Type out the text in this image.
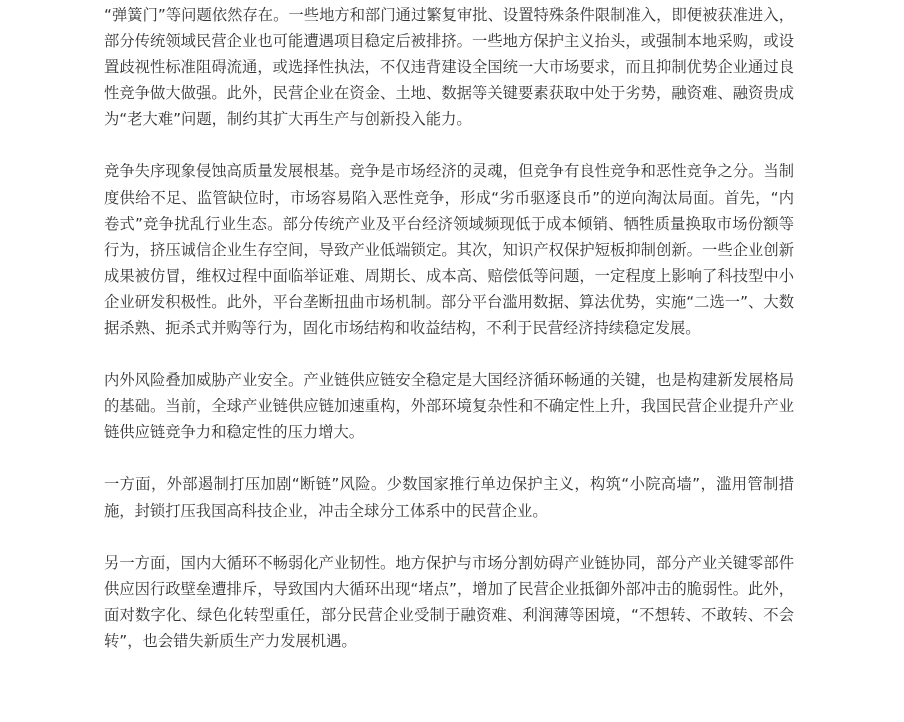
“弹簧门”等问题依然存在。一些地方和部门通过繁复审批、设置特殊条件限制准入，即便被获准进入，部分传统领域民营企业也可能遭遇项目稳定后被排挤。一些地方保护主义抬头，或强制本地采购，或设置歧视性标准阻碍流通，或选择性执法，不仅违背建设全国统一大市场要求，而且抑制优势企业通过良性竞争做大做强。此外，民营企业在资金、土地、数据等关键要素获取中处于劣势，融资难、融资贵成为“老大难”问题，制约其扩大再生产与创新投入能力。

竞争失序现象侵蚀高质量发展根基。竞争是市场经济的灵魂，但竞争有良性竞争和恶性竞争之分。当制度供给不足、监管缺位时，市场容易陷入恶性竞争，形成“劣币驱逐良币”的逆向淘汰局面。首先，“内卷式”竞争扰乱行业生态。部分传统产业及平台经济领域频现低于成本倾销、牺牲质量换取市场份额等行为，挤压诚信企业生存空间，导致产业低端锁定。其次，知识产权保护短板抑制创新。一些企业创新成果被仿冒，维权过程中面临举证难、周期长、成本高、赔偿低等问题，一定程度上影响了科技型中小企业研发积极性。此外，平台垄断扭曲市场机制。部分平台滥用数据、算法优势，实施“二选一”、大数据杀熟、扼杀式并购等行为，固化市场结构和收益结构，不利于民营经济持续稳定发展。

内外风险叠加威胁产业安全。产业链供应链安全稳定是大国经济循环畅通的关键，也是构建新发展格局的基础。当前，全球产业链供应链加速重构，外部环境复杂性和不确定性上升，我国民营企业提升产业链供应链竞争力和稳定性的压力增大。

一方面，外部遏制打压加剧“断链”风险。少数国家推行单边保护主义，构筑“小院高墙”，滥用管制措施，封锁打压我国高科技企业，冲击全球分工体系中的民营企业。

另一方面，国内大循环不畅弱化产业韧性。地方保护与市场分割妨碍产业链协同，部分产业关键零部件供应因行政壁垒遭排斥，导致国内大循环出现“堵点”，增加了民营企业抵御外部冲击的脆弱性。此外，面对数字化、绿色化转型重任，部分民营企业受制于融资难、利润薄等困境，“不想转、不敢转、不会转”，也会错失新质生产力发展机遇。
